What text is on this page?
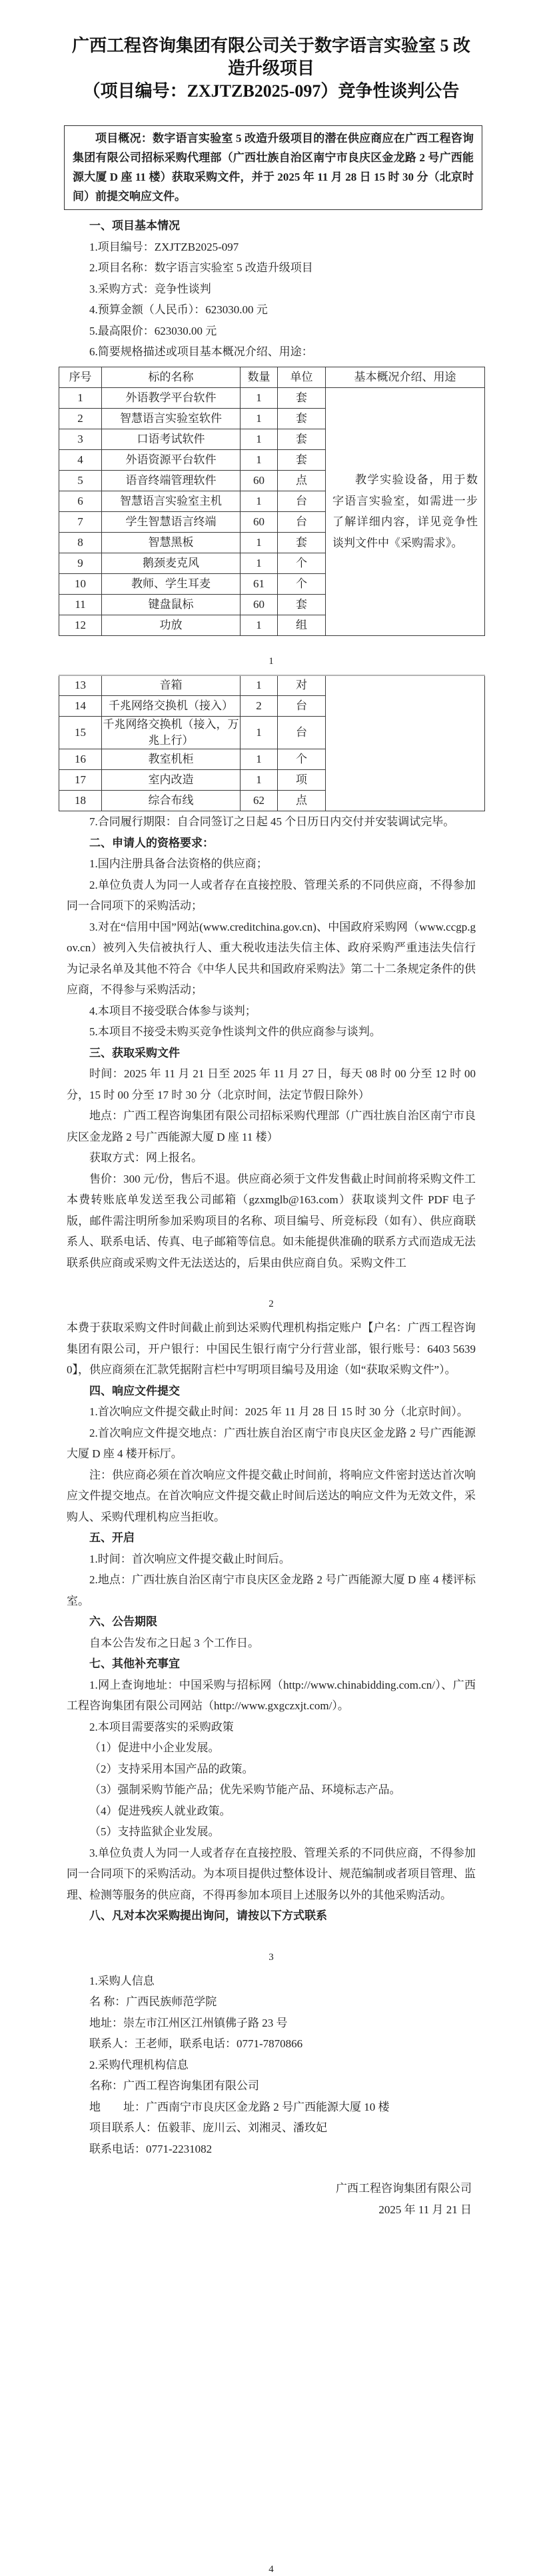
广西工程咨询集团有限公司关于数字语言实验室 5 改造升级项目
（项目编号：ZXJTZB2025-097）竞争性谈判公告

项目概况：数字语言实验室 5 改造升级项目的潜在供应商应在广西工程咨询集团有限公司招标采购代理部（广西壮族自治区南宁市良庆区金龙路 2 号广西能源大厦 D 座 11 楼）获取采购文件，并于 2025 年 11 月 28 日 15 时 30 分（北京时间）前提交响应文件。

一、项目基本情况

1.项目编号：ZXJTZB2025-097

2.项目名称：数字语言实验室 5 改造升级项目

3.采购方式：竞争性谈判

4.预算金额（人民币）：623030.00 元

5.最高限价：623030.00 元

6.简要规格描述或项目基本概况介绍、用途：

序号	标的名称	数量	单位	基本概况介绍、用途
1	外语教学平台软件	1	套	教学实验设备，用于数字语言实验室，如需进一步了解详细内容，详见竞争性谈判文件中《采购需求》。

2	智慧语言实验室软件	1	套	
3	口语考试软件	1	套	
4	外语资源平台软件	1	套	
5	语音终端管理软件	60	点	
6	智慧语言实验室主机	1	台	
7	学生智慧语言终端	60	台	
8	智慧黑板	1	套	
9	鹅颈麦克风	1	个	
10	教师、学生耳麦	61	个	
11	键盘鼠标	60	套	
12	功放	1	组	

1

13	音箱	1	对	

14	千兆网络交换机（接入）	2	台	
15	千兆网络交换机（接入，万兆上行）	1	台	
16	教室机柜	1	个	
17	室内改造	1	项	
18	综合布线	62	点	

7.合同履行期限：自合同签订之日起 45 个日历日内交付并安装调试完毕。

二、申请人的资格要求：

1.国内注册具备合法资格的供应商；

2.单位负责人为同一人或者存在直接控股、管理关系的不同供应商，不得参加同一合同项下的采购活动；

3.对在“信用中国”网站(www.creditchina.gov.cn)、中国政府采购网（www.ccgp.gov.cn）被列入失信被执行人、重大税收违法失信主体、政府采购严重违法失信行为记录名单及其他不符合《中华人民共和国政府采购法》第二十二条规定条件的供应商，不得参与采购活动；

4.本项目不接受联合体参与谈判；

5.本项目不接受未购买竞争性谈判文件的供应商参与谈判。

三、获取采购文件

时间：2025 年 11 月 21 日至 2025 年 11 月 27 日，每天 08 时 00 分至 12 时 00 分，15 时 00 分至 17 时 30 分（北京时间，法定节假日除外）

地点：广西工程咨询集团有限公司招标采购代理部（广西壮族自治区南宁市良庆区金龙路 2 号广西能源大厦 D 座 11 楼）

获取方式：网上报名。

售价：300 元/份，售后不退。供应商必须于文件发售截止时间前将采购文件工本费转账底单发送至我公司邮箱（gzxmglb@163.com）获取谈判文件 PDF 电子版，邮件需注明所参加采购项目的名称、项目编号、所竞标段（如有）、供应商联系人、联系电话、传真、电子邮箱等信息。如未能提供准确的联系方式而造成无法联系供应商或采购文件无法送达的，后果由供应商自负。采购文件工

2

本费于获取采购文件时间截止前到达采购代理机构指定账户【户名：广西工程咨询集团有限公司，开户银行：中国民生银行南宁分行营业部，银行账号：6403 5639 0】，供应商须在汇款凭据附言栏中写明项目编号及用途（如“获取采购文件”）。

四、响应文件提交

1.首次响应文件提交截止时间：2025 年 11 月 28 日 15 时 30 分（北京时间）。

2.首次响应文件提交地点：广西壮族自治区南宁市良庆区金龙路 2 号广西能源大厦 D 座 4 楼开标厅。

注：供应商必须在首次响应文件提交截止时间前，将响应文件密封送达首次响应文件提交地点。在首次响应文件提交截止时间后送达的响应文件为无效文件，采购人、采购代理机构应当拒收。

五、开启

1.时间：首次响应文件提交截止时间后。

2.地点：广西壮族自治区南宁市良庆区金龙路 2 号广西能源大厦 D 座 4 楼评标室。

六、公告期限

自本公告发布之日起 3 个工作日。

七、其他补充事宜

1.网上查询地址：中国采购与招标网（http://www.chinabidding.com.cn/）、广西工程咨询集团有限公司网站（http://www.gxgczxjt.com/）。

2.本项目需要落实的采购政策

（1）促进中小企业发展。

（2）支持采用本国产品的政策。

（3）强制采购节能产品；优先采购节能产品、环境标志产品。

（4）促进残疾人就业政策。

（5）支持监狱企业发展。

3.单位负责人为同一人或者存在直接控股、管理关系的不同供应商，不得参加同一合同项下的采购活动。为本项目提供过整体设计、规范编制或者项目管理、监理、检测等服务的供应商，不得再参加本项目上述服务以外的其他采购活动。

八、凡对本次采购提出询问，请按以下方式联系

3

1.采购人信息

名 称：广西民族师范学院

地址：崇左市江州区江州镇佛子路 23 号

联系人：王老师，联系电话：0771-7870866

2.采购代理机构信息

名称：广西工程咨询集团有限公司

地　　址：广西南宁市良庆区金龙路 2 号广西能源大厦 10 楼

项目联系人：伍毅菲、庞川云、刘湘灵、潘玫妃

联系电话：0771-2231082

广西工程咨询集团有限公司

2025 年 11 月 21 日

4
